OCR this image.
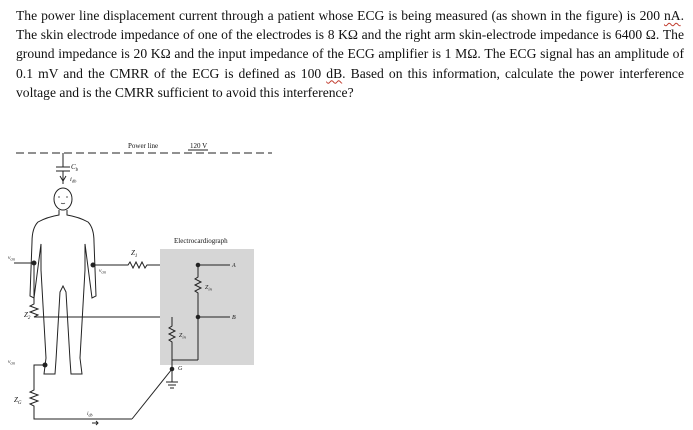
The power line displacement current through a patient whose ECG is being measured (as shown in the figure) is 200 nA. The skin electrode impedance of one of the electrodes is 8 KΩ and the right arm skin-electrode impedance is 6400 Ω. The ground impedance is 20 KΩ and the input impedance of the ECG amplifier is 1 MΩ. The ECG signal has an amplitude of 0.1 mV and the CMRR of the ECG is defined as 100 dB. Based on this information, calculate the power interference voltage and is the CMRR sufficient to avoid this interference?

Power line	120 V
$C_b$
$i_{db}$
$v_{cm}$
$Z_1$
$v_{cm}$
$Z_2$
$v_{cm}$
$Z_G$
$i_{db}$
Electrocardiograph
A
B
$Z_{in}$
$Z_{in}$
G
